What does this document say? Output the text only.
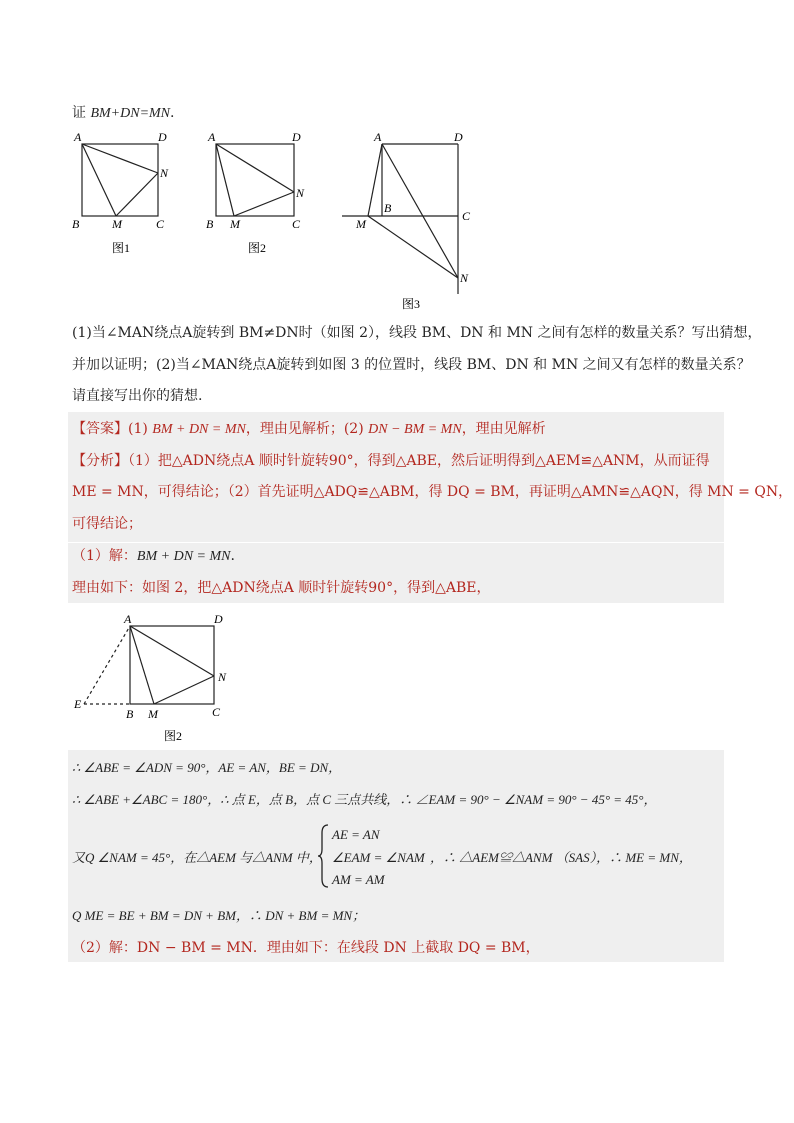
证 BM+DN=MN.
A	D
N
B	M	C
图1
A	D
N
B M	C
图2
A	D
B
C
M
N
图3
(1)当∠MAN绕点A旋转到 BM≠DN时（如图 2），线段 BM、DN 和 MN 之间有怎样的数量关系？写出猜想，
并加以证明；(2)当∠MAN绕点A旋转到如图 3 的位置时，线段 BM、DN 和 MN 之间又有怎样的数量关系？
请直接写出你的猜想.
【答案】(1) BM + DN = MN，理由见解析；(2) DN − BM = MN，理由见解析
【分析】（1）把△ADN绕点A 顺时针旋转90°，得到△ABE，然后证明得到△AEM≌△ANM，从而证得
ME = MN，可得结论；（2）首先证明△ADQ≌△ABM，得 DQ = BM，再证明△AMN≌△AQN，得 MN = QN，
可得结论；
（1）解：BM + DN = MN.
理由如下：如图 2，把△ADN绕点A 顺时针旋转90°，得到△ABE，
A	D
N
E
B M	C
图2
∴ ∠ABE = ∠ADN = 90°，AE = AN，BE = DN，
∴ ∠ABE +∠ABC = 180°，∴ 点 E，点 B，点 C 三点共线，∴ ∠EAM = 90° − ∠NAM = 90° − 45° = 45°，
又Q ∠NAM = 45°，在△AEM 与△ANM 中，
AE = AN
∠EAM = ∠NAM
AM = AM
，∴ △AEM≌△ANM （SAS），∴ ME = MN，
Q ME = BE + BM = DN + BM，∴ DN + BM = MN；
（2）解：DN − BM = MN．理由如下：在线段 DN 上截取 DQ = BM，
